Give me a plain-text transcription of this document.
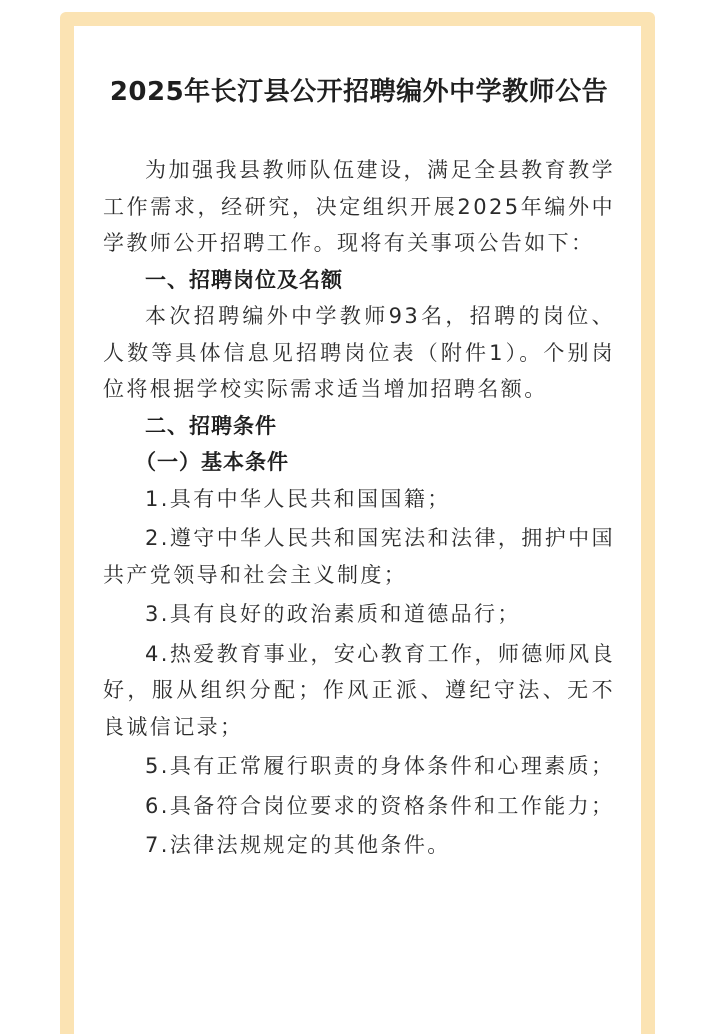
2025年长汀县公开招聘编外中学教师公告

为加强我县教师队伍建设，满足全县教育教学工作需求，经研究，决定组织开展2025年编外中学教师公开招聘工作。现将有关事项公告如下：

一、招聘岗位及名额

本次招聘编外中学教师93名，招聘的岗位、人数等具体信息见招聘岗位表（附件1）。个别岗位将根据学校实际需求适当增加招聘名额。

二、招聘条件

（一）基本条件

1.具有中华人民共和国国籍；

2.遵守中华人民共和国宪法和法律，拥护中国共产党领导和社会主义制度；

3.具有良好的政治素质和道德品行；

4.热爱教育事业，安心教育工作，师德师风良好，服从组织分配；作风正派、遵纪守法、无不良诚信记录；

5.具有正常履行职责的身体条件和心理素质；

6.具备符合岗位要求的资格条件和工作能力；

7.法律法规规定的其他条件。
